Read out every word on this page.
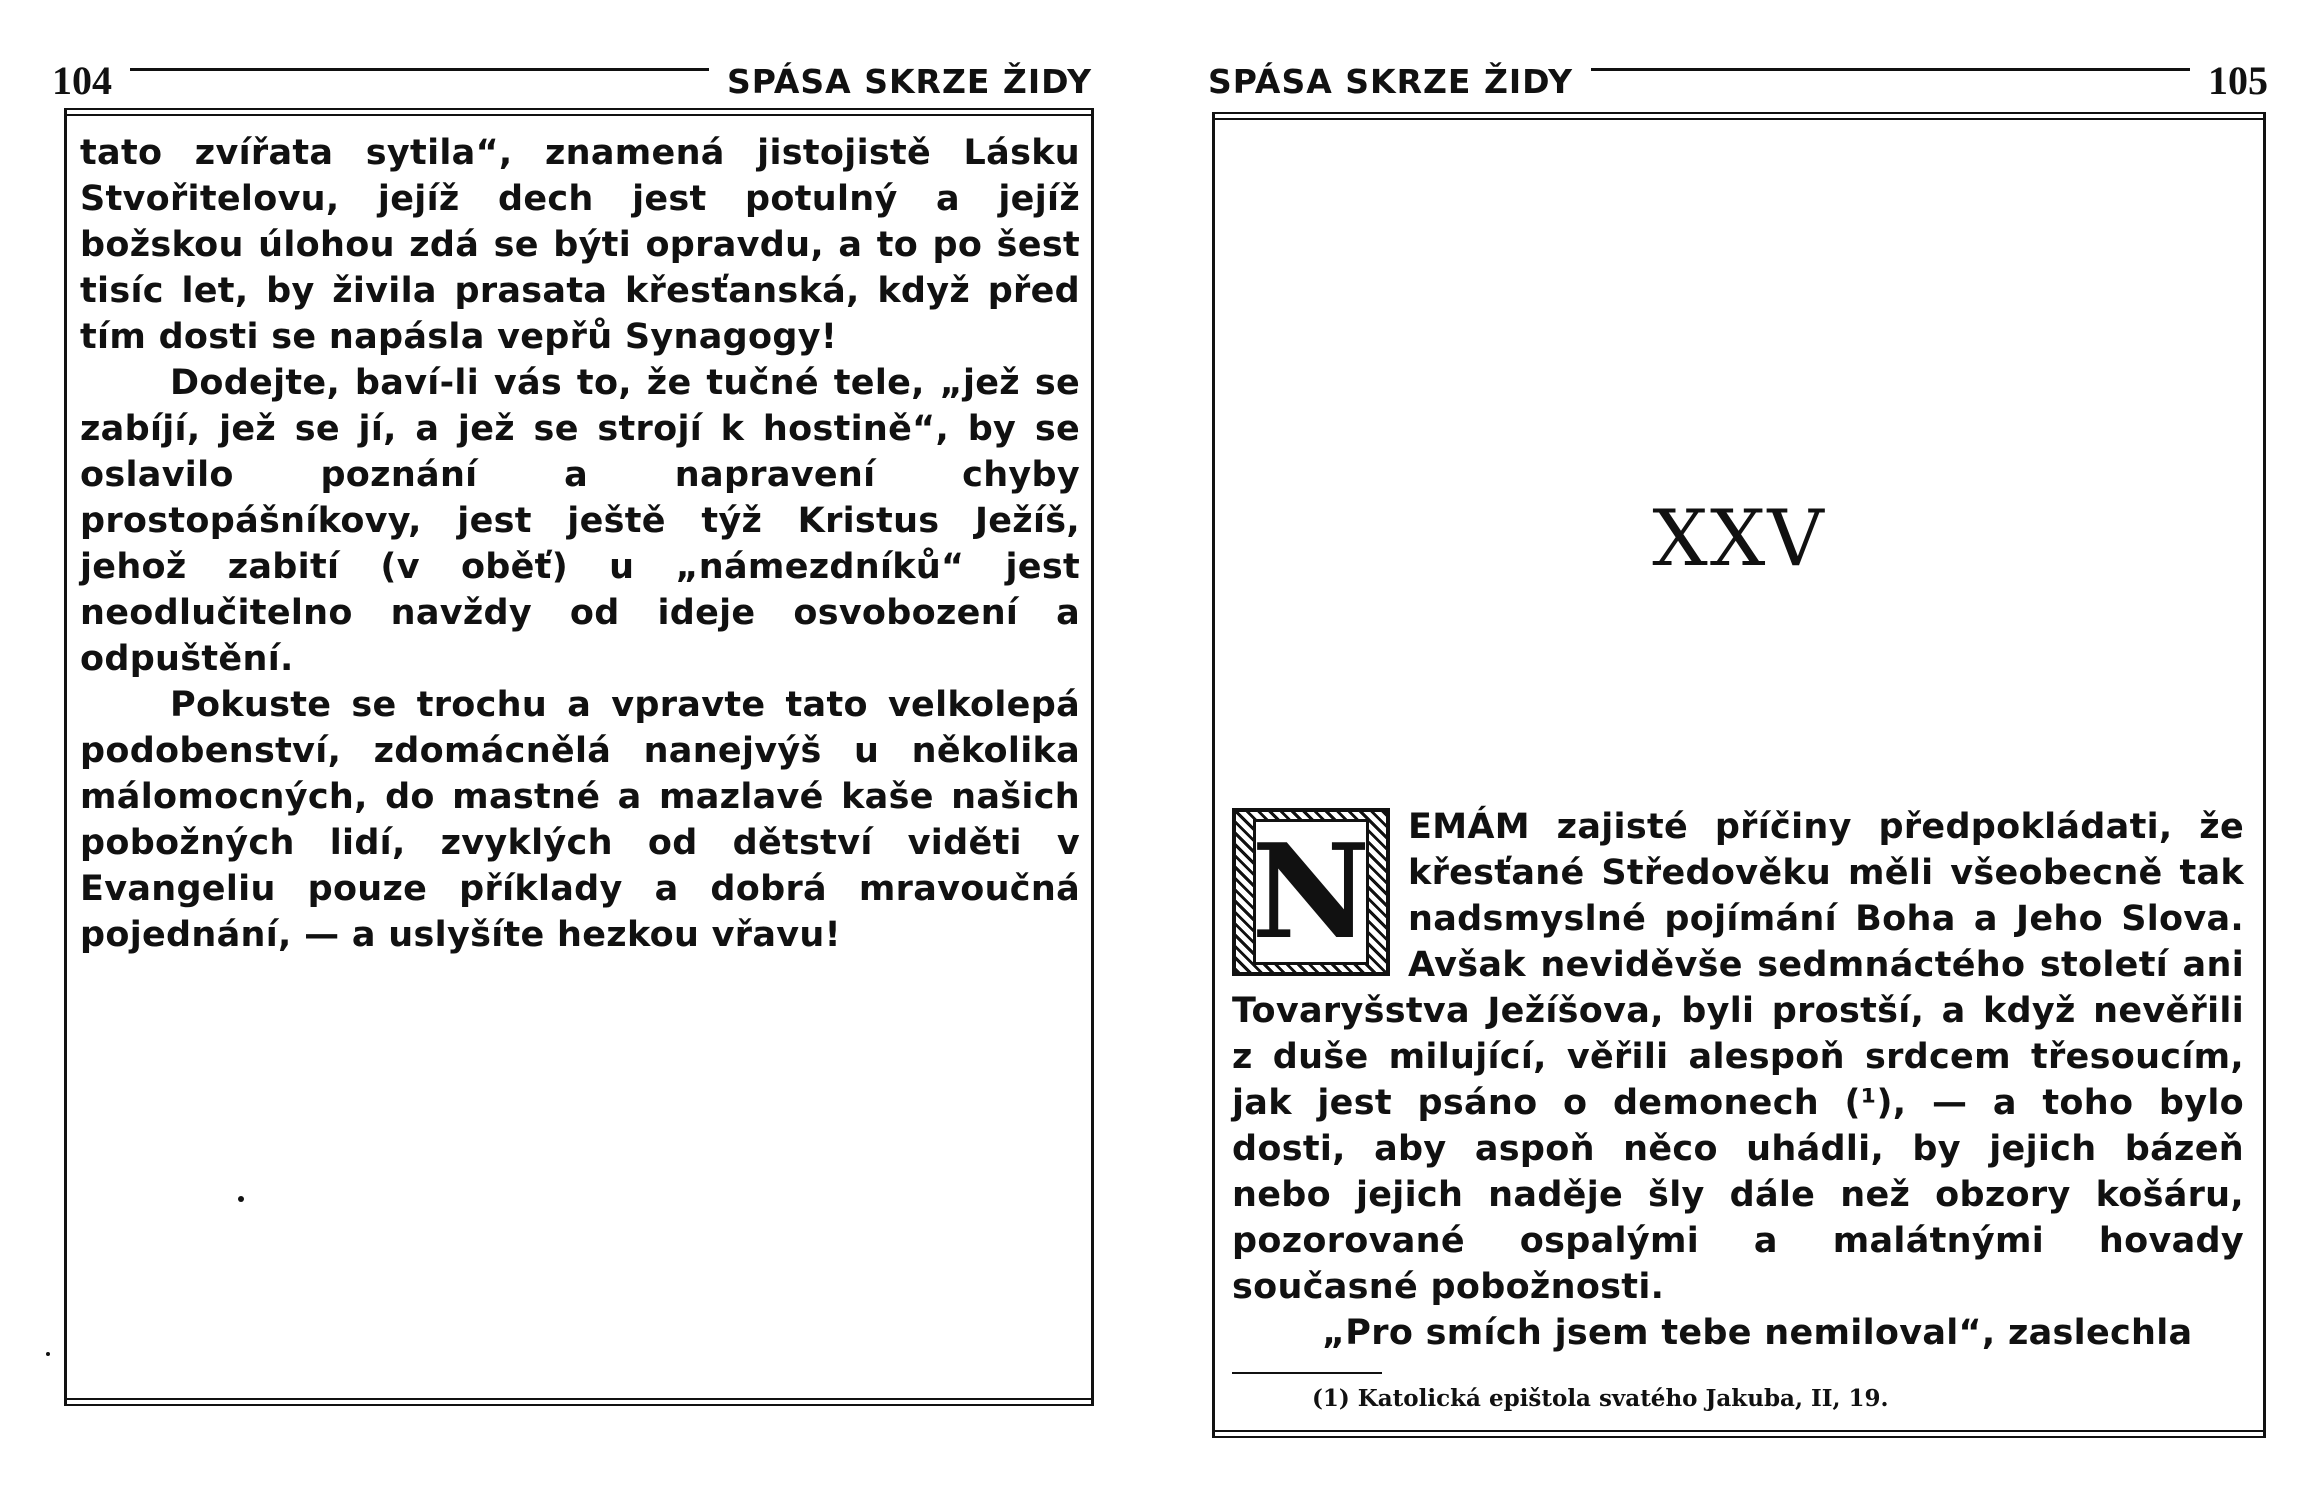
104	SPÁSA SKRZE ŽIDY

tato zvířata sytila“, znamená jistojistě Lásku Stvořitelovu, jejíž dech jest potulný a jejíž božskou úlohou zdá se býti opravdu, a to po šest tisíc let, by živila prasata křesťanská, když před tím dosti se napásla vepřů Synagogy!

Dodejte, baví-li vás to, že tučné tele, „jež se zabíjí, jež se jí, a jež se strojí k hostině“, by se oslavilo poznání a napravení chyby prostopášníkovy, jest ještě týž Kristus Ježíš, jehož zabití (v oběť) u „námezdníků“ jest neodlučitelno navždy od ideje osvobození a odpuštění.

Pokuste se trochu a vpravte tato velkolepá podobenství, zdomácnělá nanejvýš u několika málomocných, do mastné a mazlavé kaše našich pobožných lidí, zvyklých od dětství viděti v Evangeliu pouze příklady a dobrá mravoučná pojednání, — a uslyšíte hezkou vřavu!

SPÁSA SKRZE ŽIDY	105
XXV

N EMÁM zajisté příčiny předpokládati, že křesťané Středověku měli všeobecně tak nadsmyslné pojímání Boha a Jeho Slova. Avšak neviděvše sedmnáctého století ani Tovaryšstva Ježíšova, byli prostší, a když nevěřili z duše milující, věřili alespoň srdcem třesoucím, jak jest psáno o demonech (¹), — a toho bylo dosti, aby aspoň něco uhádli, by jejich bázeň nebo jejich naděje šly dále než obzory košáru, pozorované ospalými a malátnými hovady současné pobožnosti.

„Pro smích jsem tebe nemiloval“, zaslechla

(1) Katolická epištola svatého Jakuba, II, 19.
